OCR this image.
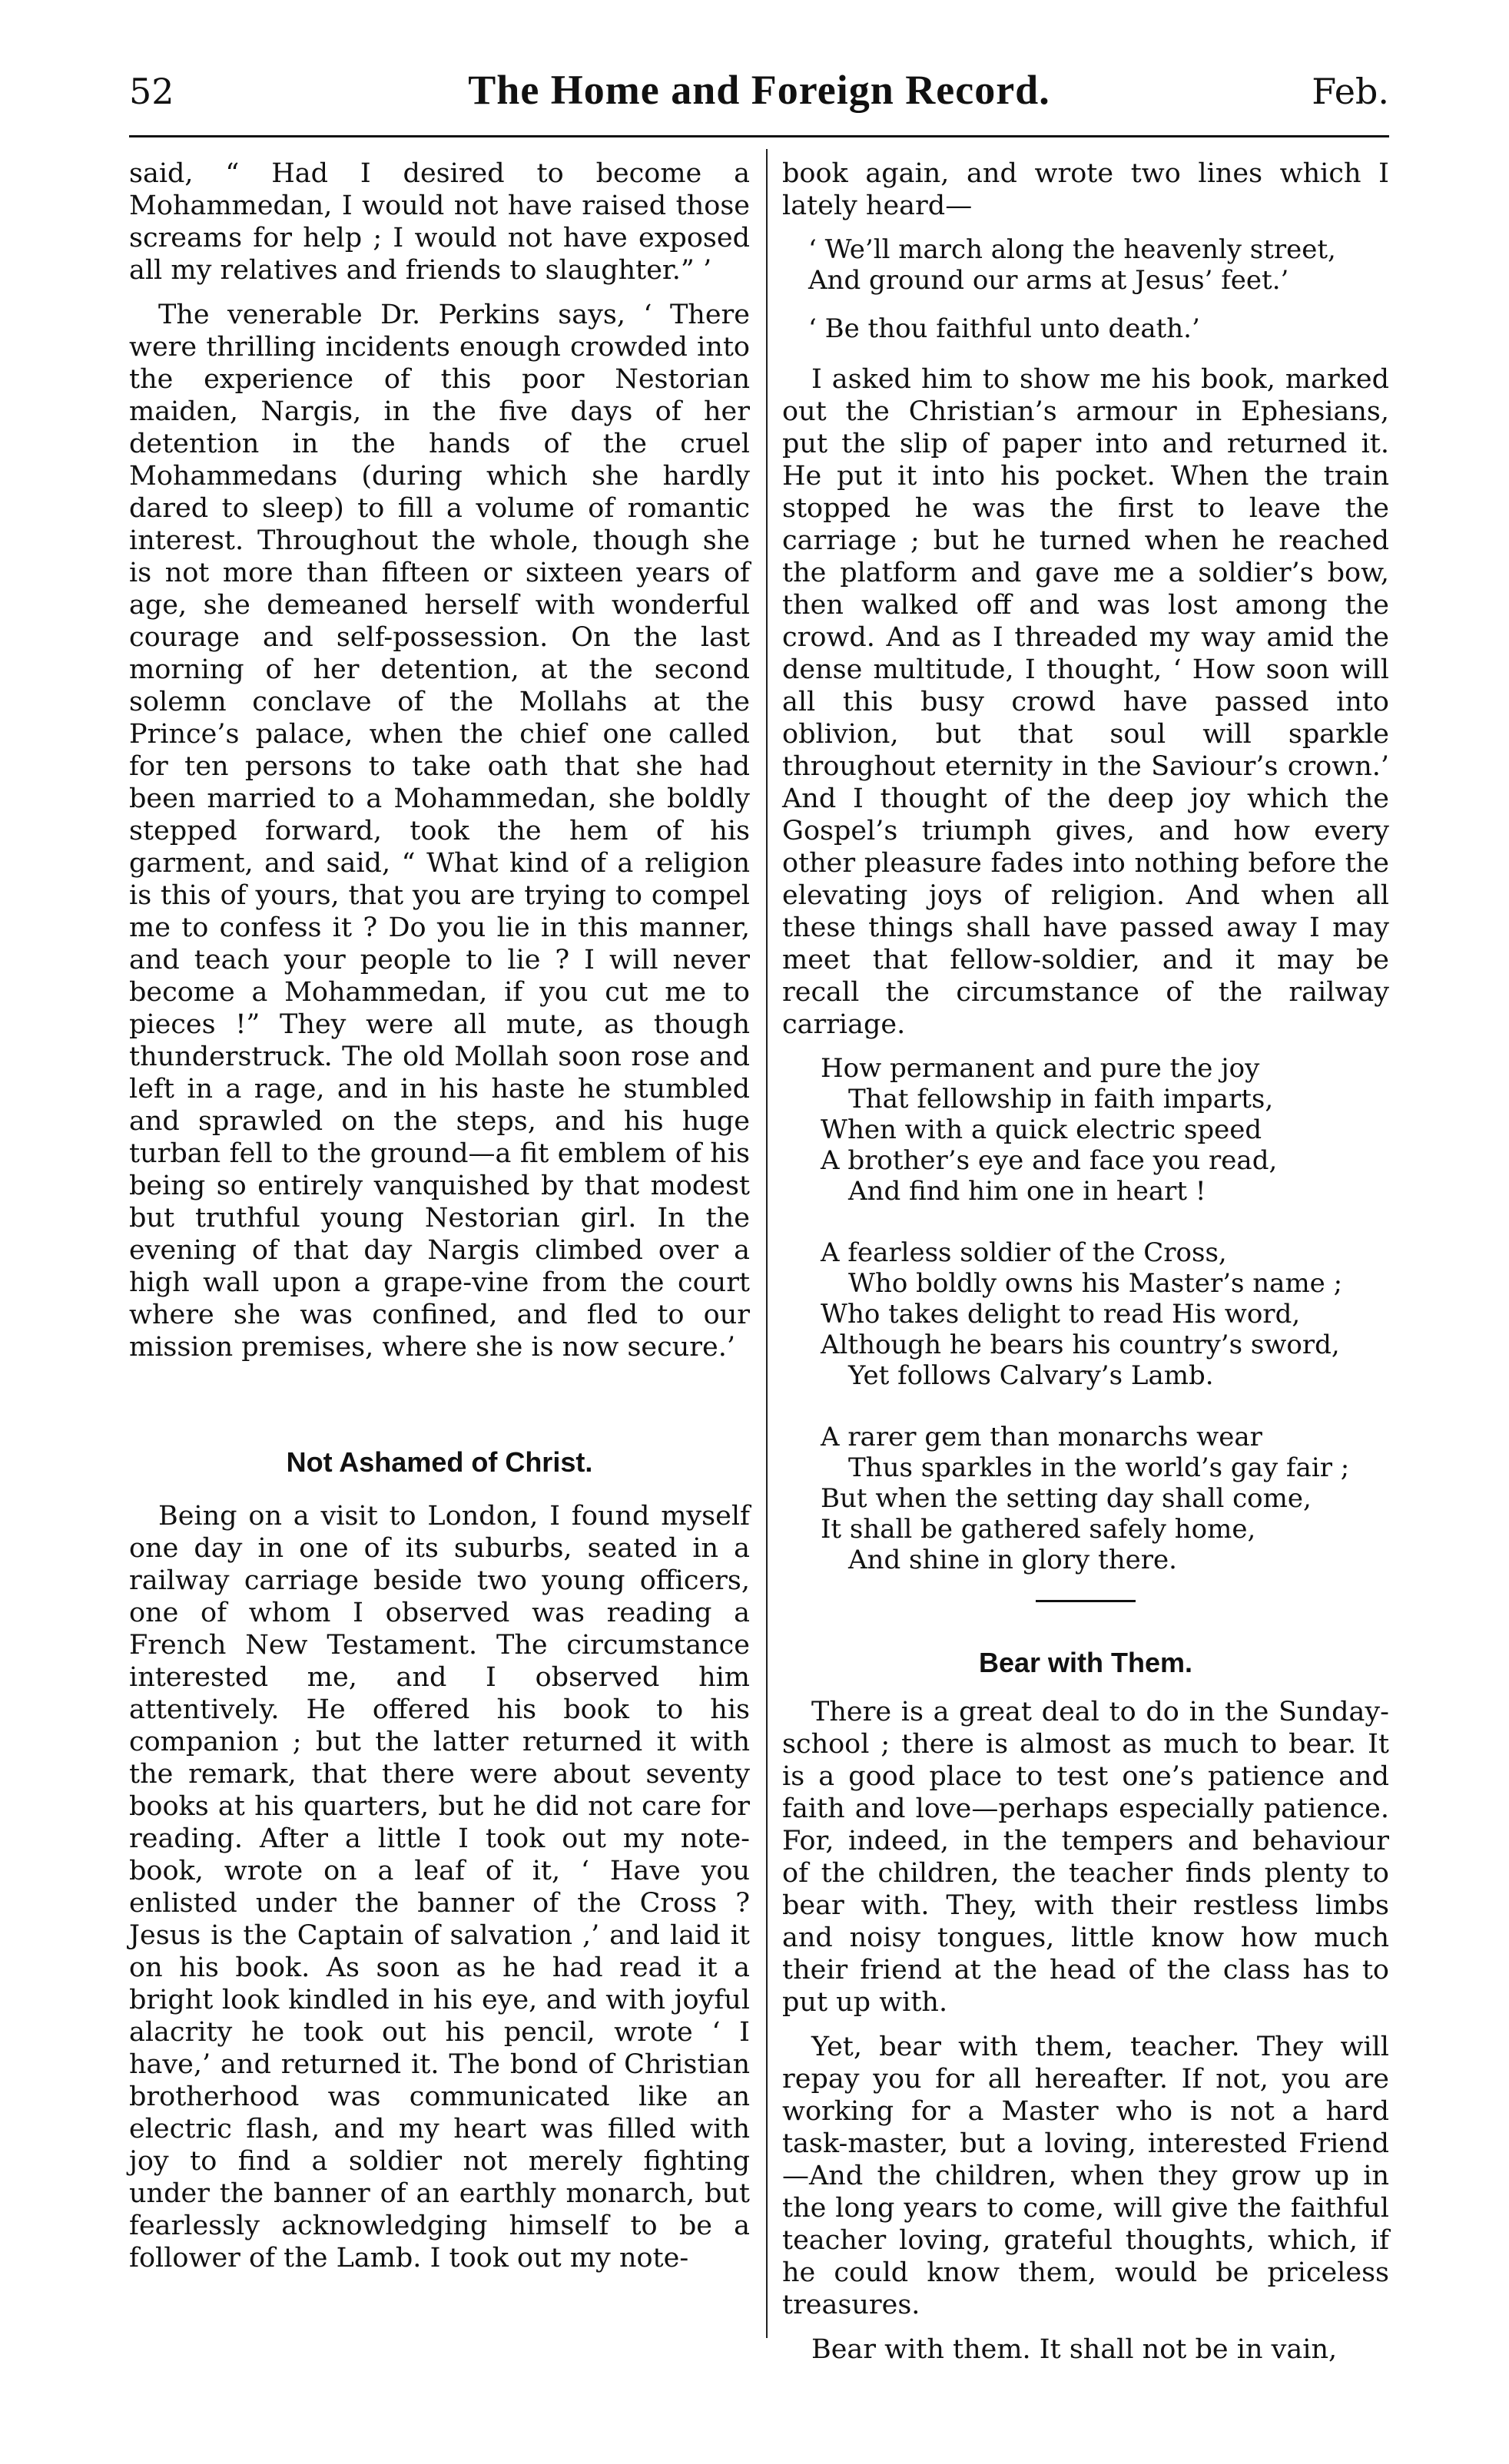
52	The Home and Foreign Record.	Feb.

said, “ Had I desired to become a Mohammedan, I would not have raised those screams for help ; I would not have exposed all my relatives and friends to slaughter.” ’

The venerable Dr. Perkins says, ‘ There were thrilling incidents enough crowded into the experience of this poor Nestorian maiden, Nargis, in the five days of her detention in the hands of the cruel Mohammedans (during which she hardly dared to sleep) to fill a volume of romantic interest. Throughout the whole, though she is not more than fifteen or sixteen years of age, she demeaned herself with wonderful courage and self-possession. On the last morning of her detention, at the second solemn conclave of the Mollahs at the Prince’s palace, when the chief one called for ten persons to take oath that she had been married to a Mohammedan, she boldly stepped forward, took the hem of his garment, and said, “ What kind of a religion is this of yours, that you are trying to compel me to confess it ? Do you lie in this manner, and teach your people to lie ? I will never become a Mohammedan, if you cut me to pieces !” They were all mute, as though thunderstruck. The old Mollah soon rose and left in a rage, and in his haste he stumbled and sprawled on the steps, and his huge turban fell to the ground—a fit emblem of his being so entirely vanquished by that modest but truthful young Nestorian girl. In the evening of that day Nargis climbed over a high wall upon a grape-vine from the court where she was confined, and fled to our mission premises, where she is now secure.’

Not Ashamed of Christ.

Being on a visit to London, I found myself one day in one of its suburbs, seated in a railway carriage beside two young officers, one of whom I observed was reading a French New Testament. The circumstance interested me, and I observed him attentively. He offered his book to his companion ; but the latter returned it with the remark, that there were about seventy books at his quarters, but he did not care for reading. After a little I took out my note-book, wrote on a leaf of it, ‘ Have you enlisted under the banner of the Cross ? Jesus is the Captain of salvation ,’ and laid it on his book. As soon as he had read it a bright look kindled in his eye, and with joyful alacrity he took out his pencil, wrote ‘ I have,’ and returned it. The bond of Christian brotherhood was communicated like an electric flash, and my heart was filled with joy to find a soldier not merely fighting under the banner of an earthly monarch, but fearlessly acknowledging himself to be a follower of the Lamb. I took out my note-

book again, and wrote two lines which I lately heard—

‘ We’ll march along the heavenly street,
And ground our arms at Jesus’ feet.’
‘ Be thou faithful unto death.’

I asked him to show me his book, marked out the Christian’s armour in Ephesians, put the slip of paper into and returned it. He put it into his pocket. When the train stopped he was the first to leave the carriage ; but he turned when he reached the platform and gave me a soldier’s bow, then walked off and was lost among the crowd. And as I threaded my way amid the dense multitude, I thought, ‘ How soon will all this busy crowd have passed into oblivion, but that soul will sparkle throughout eternity in the Saviour’s crown.’ And I thought of the deep joy which the Gospel’s triumph gives, and how every other pleasure fades into nothing before the elevating joys of religion. And when all these things shall have passed away I may meet that fellow-soldier, and it may be recall the circumstance of the railway carriage.

How permanent and pure the joy
That fellowship in faith imparts,
When with a quick electric speed
A brother’s eye and face you read,
And find him one in heart !
A fearless soldier of the Cross,
Who boldly owns his Master’s name ;
Who takes delight to read His word,
Although he bears his country’s sword,
Yet follows Calvary’s Lamb.
A rarer gem than monarchs wear
Thus sparkles in the world’s gay fair ;
But when the setting day shall come,
It shall be gathered safely home,
And shine in glory there.
Bear with Them.

There is a great deal to do in the Sunday-school ; there is almost as much to bear. It is a good place to test one’s patience and faith and love—perhaps especially patience. For, indeed, in the tempers and behaviour of the children, the teacher finds plenty to bear with. They, with their restless limbs and noisy tongues, little know how much their friend at the head of the class has to put up with.

Yet, bear with them, teacher. They will repay you for all hereafter. If not, you are working for a Master who is not a hard task-master, but a loving, interested Friend—And the children, when they grow up in the long years to come, will give the faithful teacher loving, grateful thoughts, which, if he could know them, would be priceless treasures.

Bear with them. It shall not be in vain,
